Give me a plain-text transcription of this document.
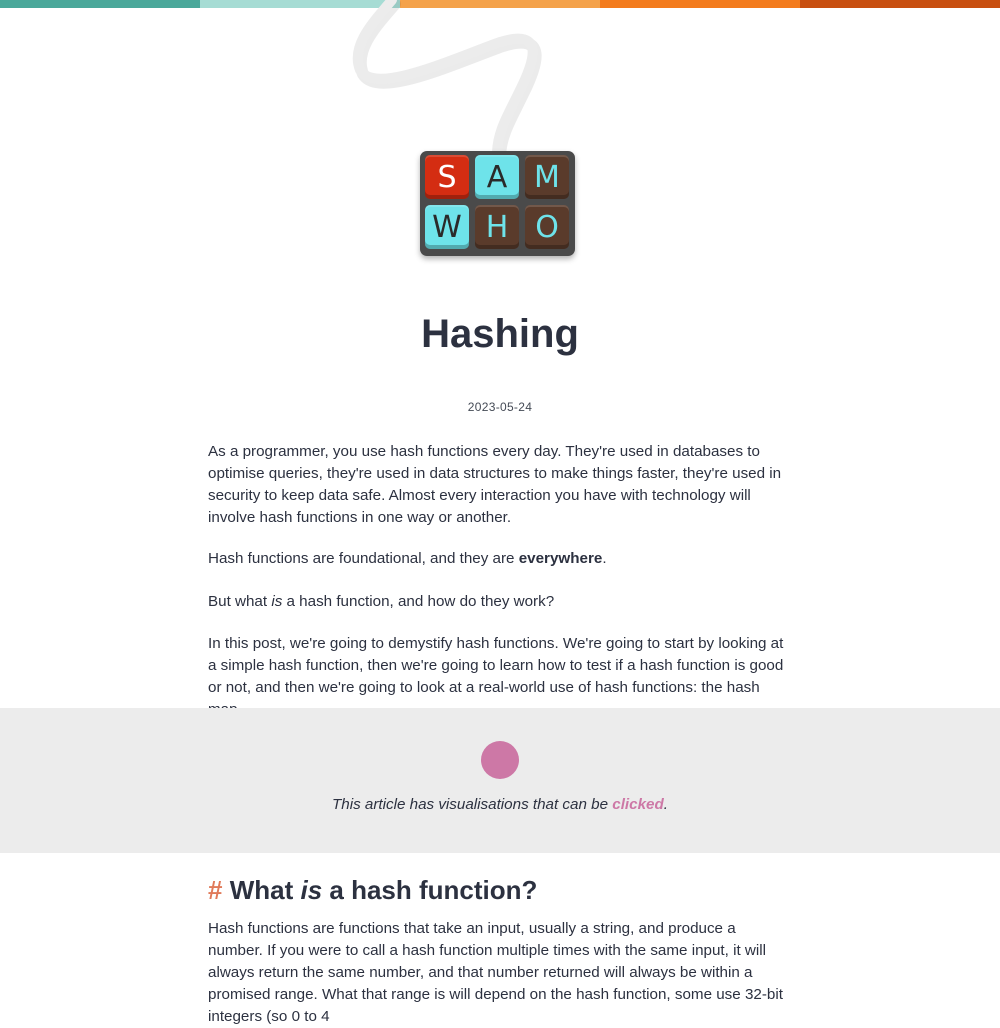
S	A M
W H O
Hashing
2023-05-24

As a programmer, you use hash functions every day. They're used in databases to optimise queries, they're used in data structures to make things faster, they're used in security to keep data safe. Almost every interaction you have with technology will involve hash functions in one way or another.

Hash functions are foundational, and they are everywhere.

But what is a hash function, and how do they work?

In this post, we're going to demystify hash functions. We're going to start by looking at a simple hash function, then we're going to learn how to test if a hash function is good or not, and then we're going to look at a real-world use of hash functions: the hash

This article has visualisations that can be clicked.
# What is a hash function?

Hash functions are functions that take an input, usually a string, and produce a number. If you were to call a hash function multiple times with the same input, it will always return the same number, and that number returned will always be within a promised range. What that range is will depend on the hash function, some use 32-bit integers (so 0 to 4
